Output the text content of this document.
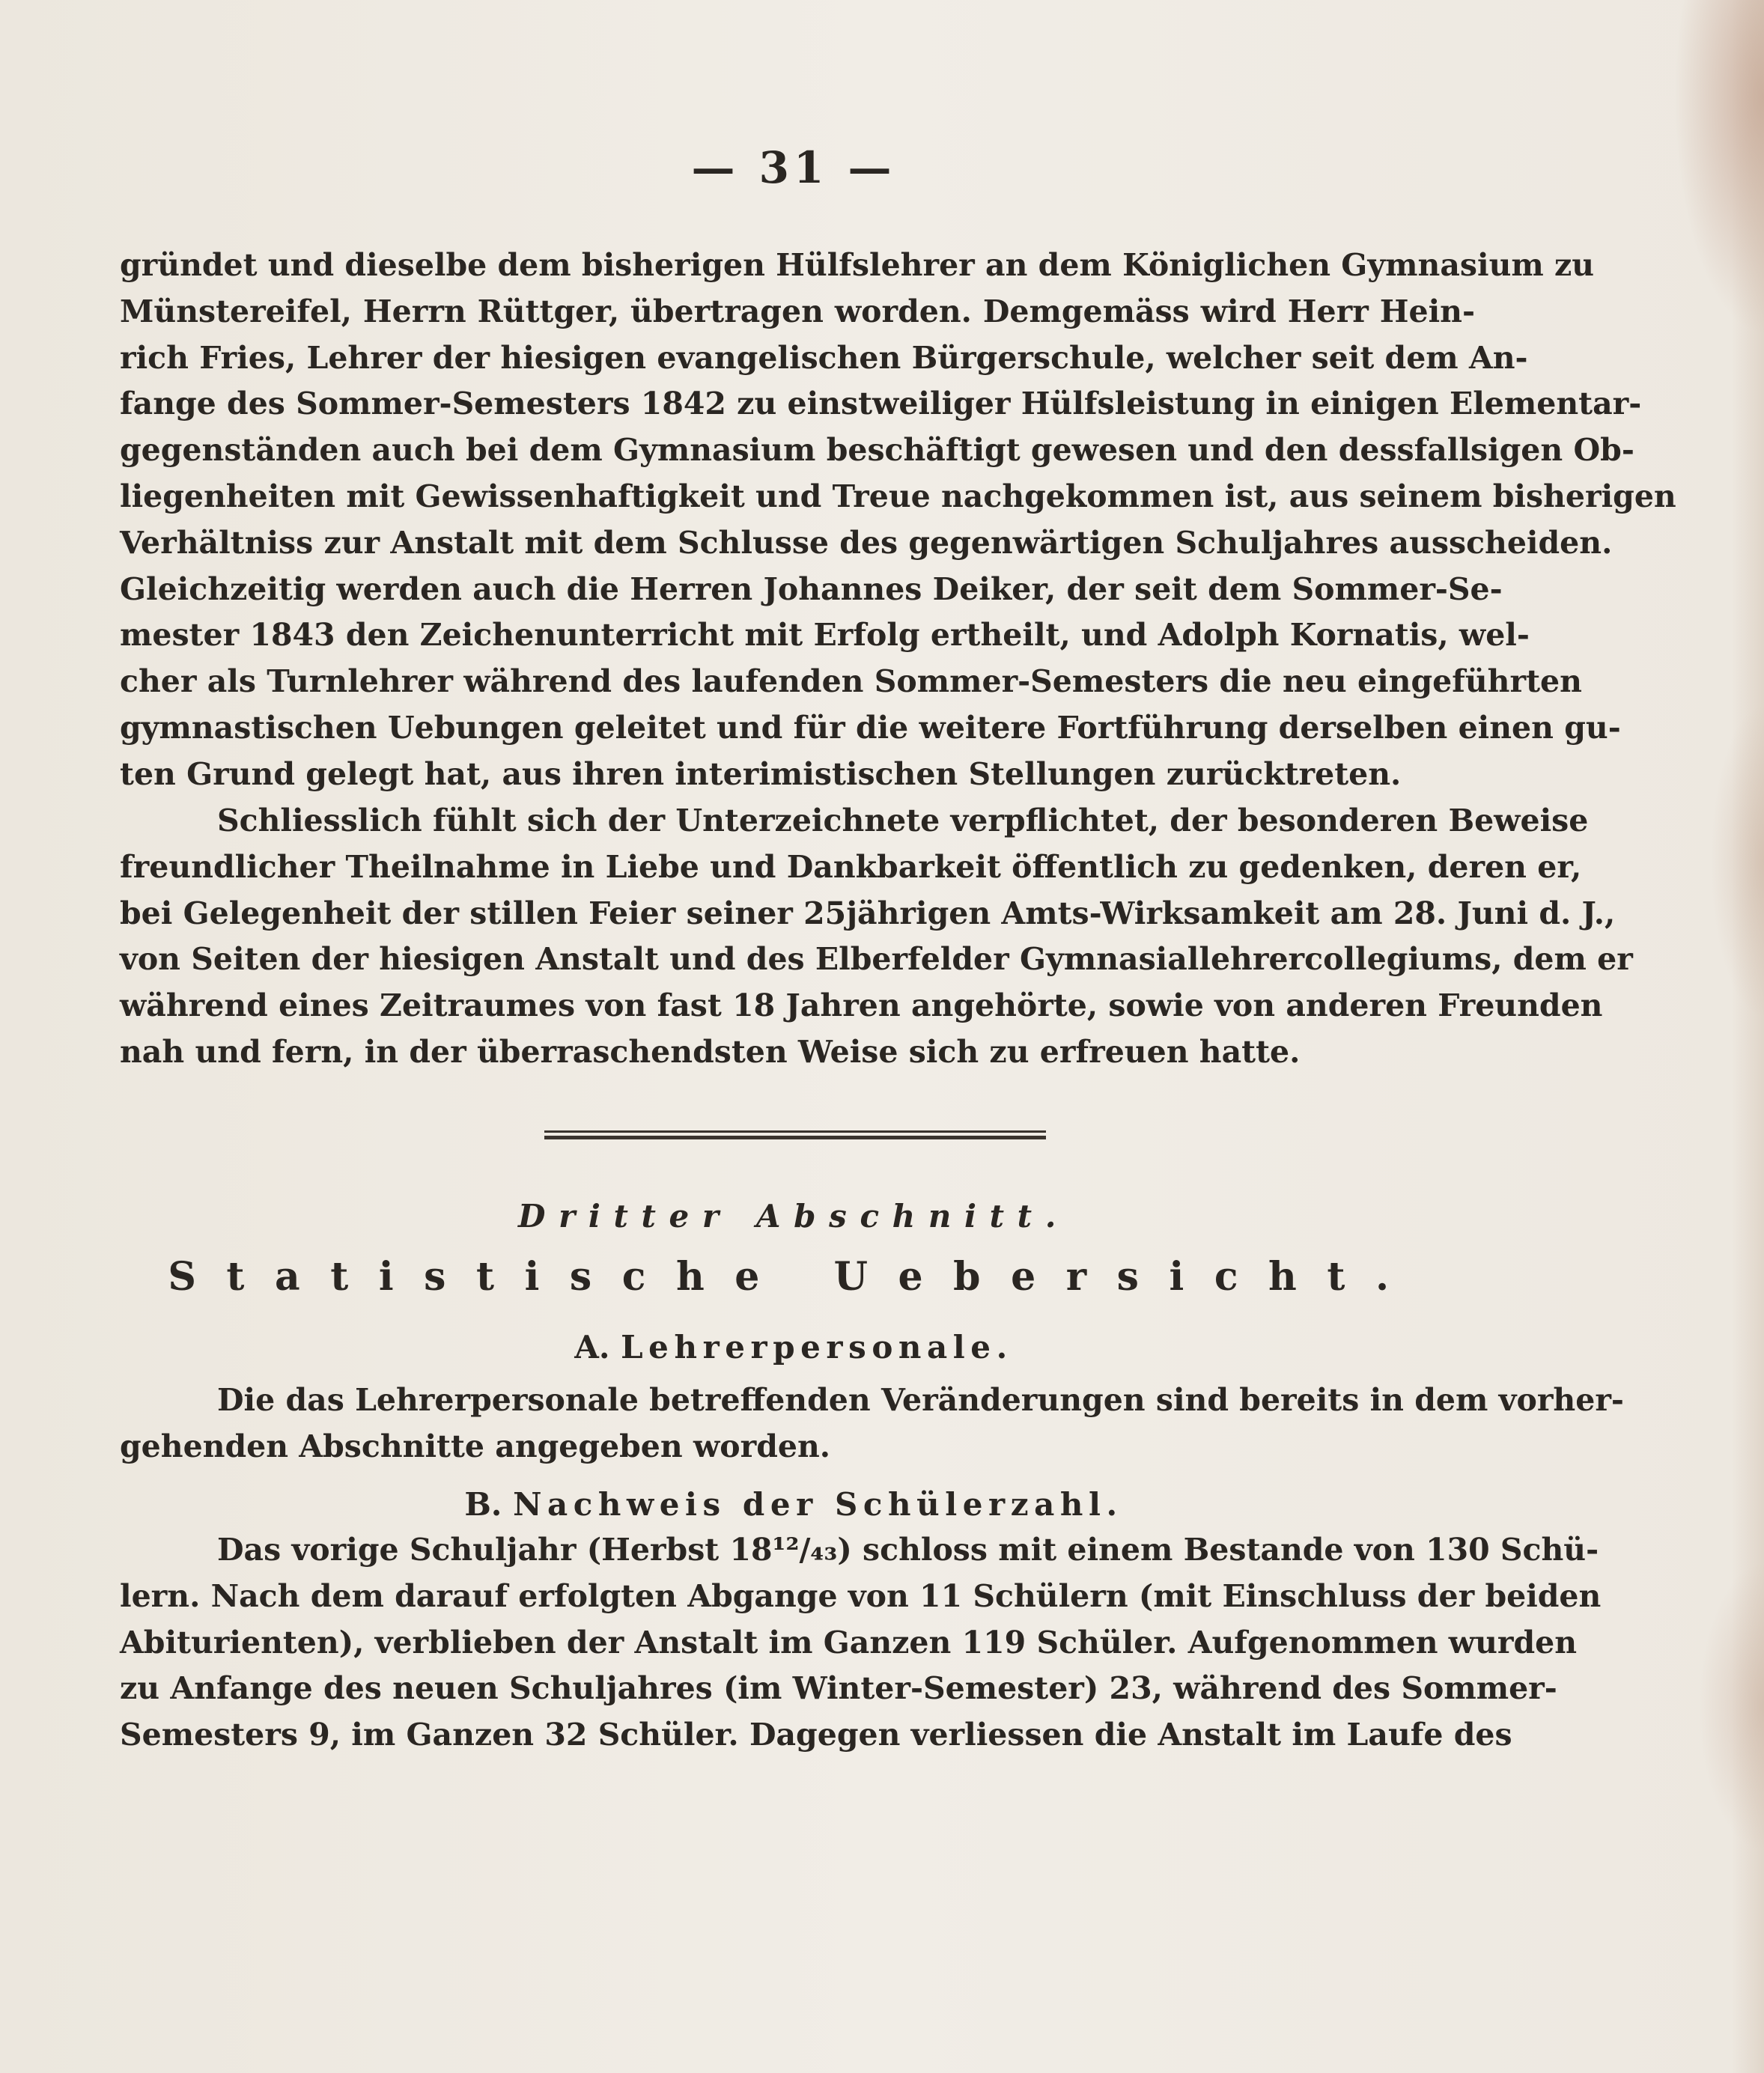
— 31 —
gründet und dieselbe dem bisherigen Hülfslehrer an dem Königlichen Gymnasium zu
Münstereifel, Herrn Rüttger, übertragen worden. Demgemäss wird Herr Hein-
rich Fries, Lehrer der hiesigen evangelischen Bürgerschule, welcher seit dem An-
fange des Sommer-Semesters 1842 zu einstweiliger Hülfsleistung in einigen Elementar-
gegenständen auch bei dem Gymnasium beschäftigt gewesen und den dessfallsigen Ob-
liegenheiten mit Gewissenhaftigkeit und Treue nachgekommen ist, aus seinem bisherigen
Verhältniss zur Anstalt mit dem Schlusse des gegenwärtigen Schuljahres ausscheiden.
Gleichzeitig werden auch die Herren Johannes Deiker, der seit dem Sommer-Se-
mester 1843 den Zeichenunterricht mit Erfolg ertheilt, und Adolph Kornatis, wel-
cher als Turnlehrer während des laufenden Sommer-Semesters die neu eingeführten
gymnastischen Uebungen geleitet und für die weitere Fortführung derselben einen gu-
ten Grund gelegt hat, aus ihren interimistischen Stellungen zurücktreten.
Schliesslich fühlt sich der Unterzeichnete verpflichtet, der besonderen Beweise
freundlicher Theilnahme in Liebe und Dankbarkeit öffentlich zu gedenken, deren er,
bei Gelegenheit der stillen Feier seiner 25jährigen Amts-Wirksamkeit am 28. Juni d. J.,
von Seiten der hiesigen Anstalt und des Elberfelder Gymnasiallehrercollegiums, dem er
während eines Zeitraumes von fast 18 Jahren angehörte, sowie von anderen Freunden
nah und fern, in der überraschendsten Weise sich zu erfreuen hatte.
Dritter Abschnitt.
Statistische Uebersicht.
A. Lehrerpersonale.
Die das Lehrerpersonale betreffenden Veränderungen sind bereits in dem vorher-
gehenden Abschnitte angegeben worden.
B. Nachweis der Schülerzahl.
Das vorige Schuljahr (Herbst 18¹²/₄₃) schloss mit einem Bestande von 130 Schü-
lern. Nach dem darauf erfolgten Abgange von 11 Schülern (mit Einschluss der beiden
Abiturienten), verblieben der Anstalt im Ganzen 119 Schüler. Aufgenommen wurden
zu Anfange des neuen Schuljahres (im Winter-Semester) 23, während des Sommer-
Semesters 9, im Ganzen 32 Schüler. Dagegen verliessen die Anstalt im Laufe des
